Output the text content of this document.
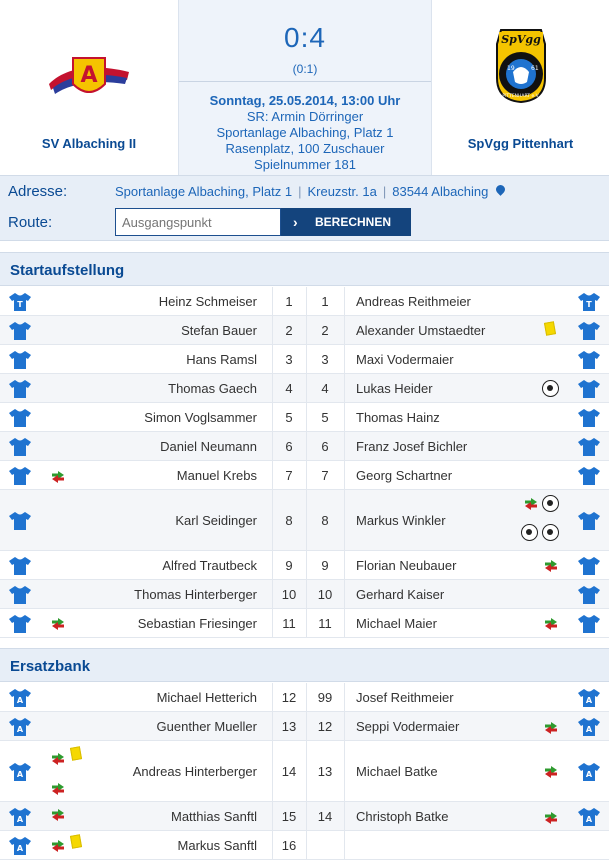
A
SV Albaching II
0:4
(0:1)
Sonntag, 25.05.2014, 13:00 Uhr
SR: Armin Dörringer
Sportanlage Albaching, Platz 1
Rasenplatz, 100 Zuschauer
Spielnummer 181
SpVgg
19	61
PITTENHART e.V.
SpVgg Pittenhart
Adresse:	Sportanlage Albaching, Platz 1 | Kreuzstr. 1a | 83544 Albaching
Route:
Ausgangspunkt	› BERECHNEN
Startaufstellung
T	Heinz Schmeiser	1	1	Andreas Reithmeier	T
Stefan Bauer	2	2	Alexander Umstaedter
Hans Ramsl	3	3	Maxi Vodermaier
Thomas Gaech	4	4	Lukas Heider
Simon Voglsammer	5	5	Thomas Hainz
Daniel Neumann	6	6	Franz Josef Bichler
Manuel Krebs	7	7	Georg Schartner
Karl Seidinger	8	8	Markus Winkler
Alfred Trautbeck	9	9	Florian Neubauer
Thomas Hinterberger	10	10	Gerhard Kaiser
Sebastian Friesinger	11	11	Michael Maier
Ersatzbank
A	Michael Hetterich	12	99	Josef Reithmeier	A
A	Guenther Mueller	13	12	Seppi Vodermaier	A
A	Andreas Hinterberger	14	13	Michael Batke	A
A	Matthias Sanftl	15	14	Christoph Batke	A
A	Markus Sanftl	16
